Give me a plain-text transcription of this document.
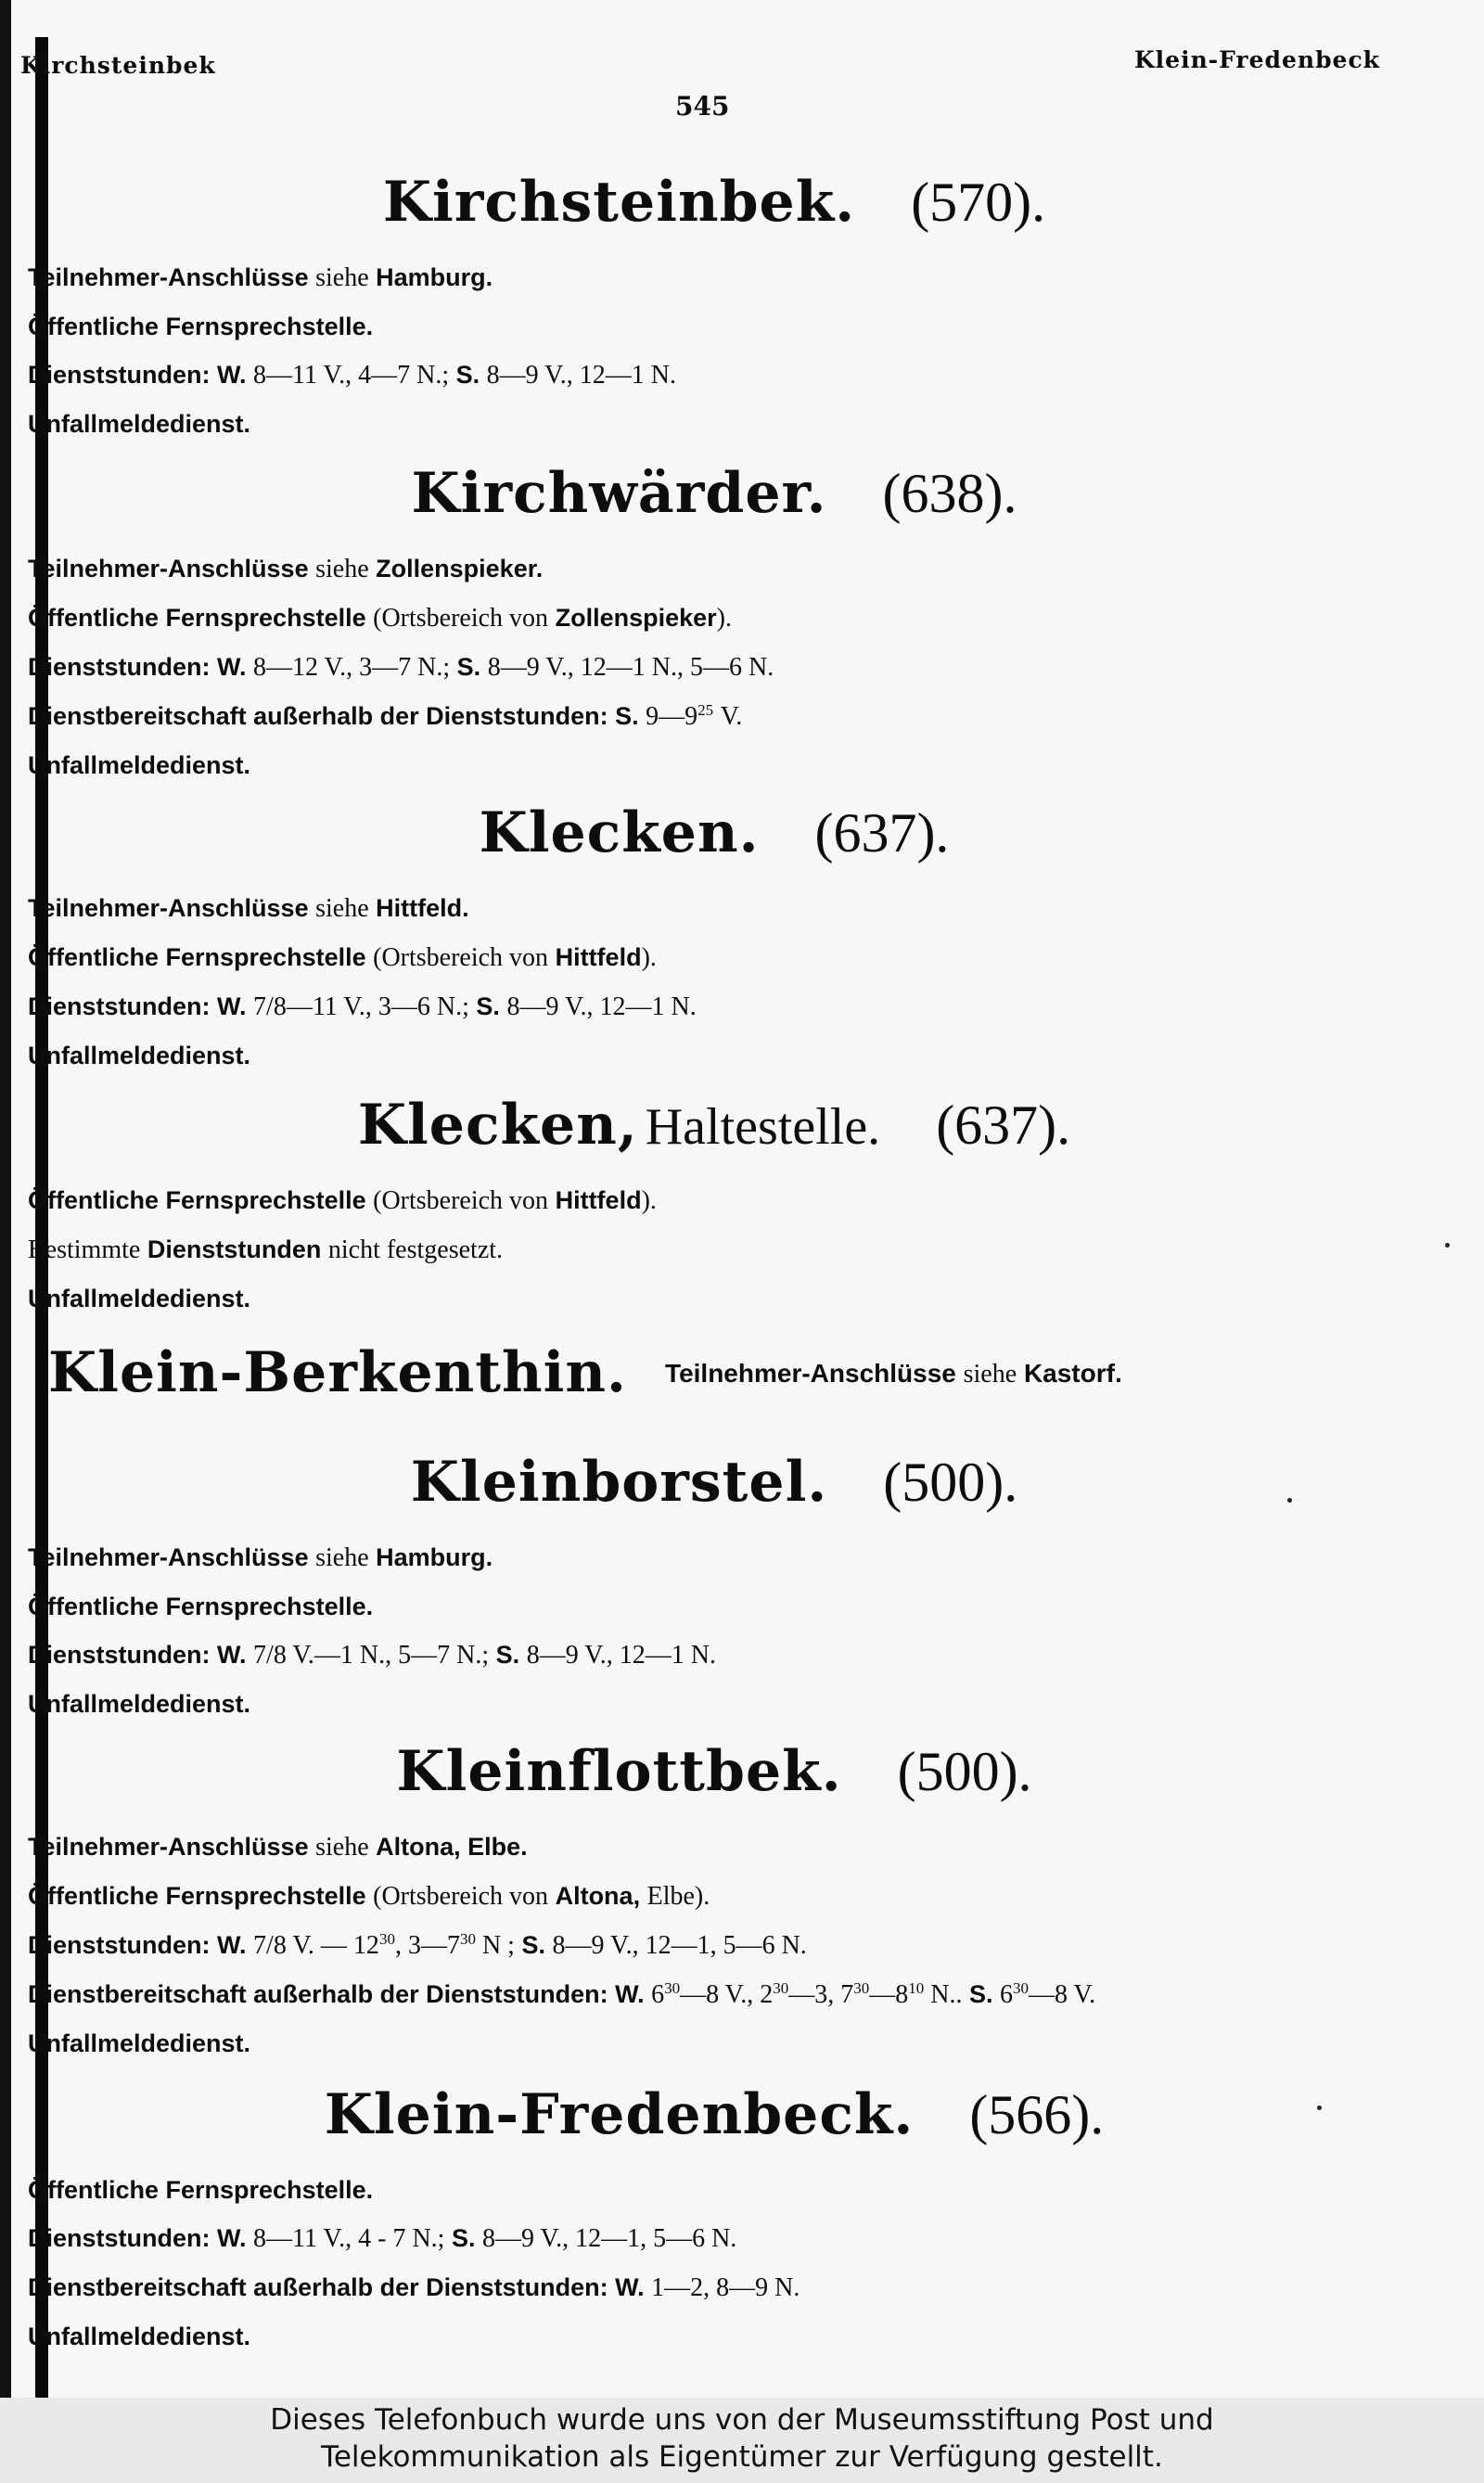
Kirchsteinbek	Klein-Fredenbeck
545
Kirchsteinbek. (570).

Teilnehmer-Anschlüsse siehe Hamburg.

Öffentliche Fernsprechstelle.

Dienststunden: W. 8—11 V., 4—7 N.; S. 8—9 V., 12—1 N.

Unfallmeldedienst.

Kirchwärder. (638).

Teilnehmer-Anschlüsse siehe Zollenspieker.

Öffentliche Fernsprechstelle (Ortsbereich von Zollenspieker).

Dienststunden: W. 8—12 V., 3—7 N.; S. 8—9 V., 12—1 N., 5—6 N.

Dienstbereitschaft außerhalb der Dienststunden: S. $9—9^{25}$ V.

Unfallmeldedienst.

Klecken. (637).

Teilnehmer-Anschlüsse siehe Hittfeld.

Öffentliche Fernsprechstelle (Ortsbereich von Hittfeld).

Dienststunden: W. 7/8—11 V., 3—6 N.; S. 8—9 V., 12—1 N.

Unfallmeldedienst.

Klecken, Haltestelle. (637).

Öffentliche Fernsprechstelle (Ortsbereich von Hittfeld).

Bestimmte Dienststunden nicht festgesetzt.

Unfallmeldedienst.

Klein-Berkenthin. Teilnehmer-Anschlüsse siehe Kastorf.
Kleinborstel. (500).

Teilnehmer-Anschlüsse siehe Hamburg.

Öffentliche Fernsprechstelle.

Dienststunden: W. 7/8 V.—1 N., 5—7 N.; S. 8—9 V., 12—1 N.

Unfallmeldedienst.

Kleinflottbek. (500).

Teilnehmer-Anschlüsse siehe Altona, Elbe.

Öffentliche Fernsprechstelle (Ortsbereich von Altona, Elbe).

Dienststunden: W. 7/8 V. — $12^{30}$, $3—7^{30}$ N ; S. 8—9 V., 12—1, 5—6 N.

Dienstbereitschaft außerhalb der Dienststunden: W. $6^{30}—8$ V., $2^{30}—3$, $7^{30}—8^{10}$ N.. S. $6^{30}—8$ V.

Unfallmeldedienst.

Klein-Fredenbeck. (566).

Öffentliche Fernsprechstelle.

Dienststunden: W. 8—11 V., 4 - 7 N.; S. 8—9 V., 12—1, 5—6 N.

Dienstbereitschaft außerhalb der Dienststunden: W. 1—2, 8—9 N.

Unfallmeldedienst.

Dieses Telefonbuch wurde uns von der Museumsstiftung Post und
Telekommunikation als Eigentümer zur Verfügung gestellt.
